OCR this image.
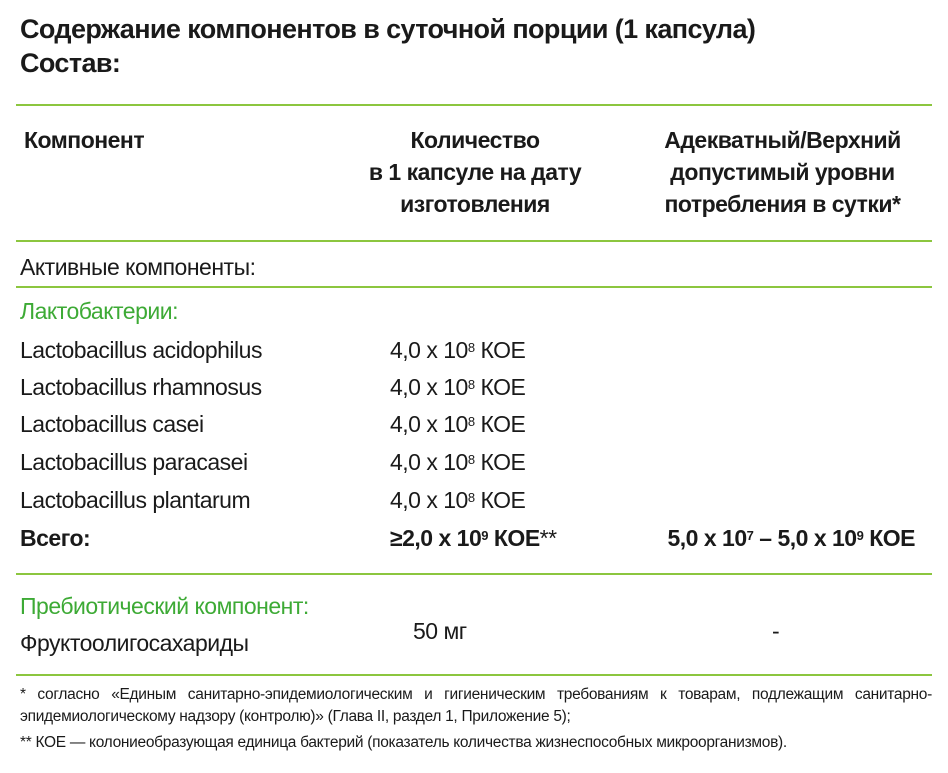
Содержание компонентов в суточной порции (1 капсула)
Состав:
Компонент	Количество
в 1 капсуле на дату
изготовления
Адекватный/Верхний
допустимый уровни
потребления в сутки*
Активные компоненты:
Лактобактерии:
Lactobacillus acidophilus	4,0 x $10^8$ КОЕ
Lactobacillus rhamnosus	4,0 x $10^8$ КОЕ
Lactobacillus casei	4,0 x $10^8$ КОЕ
Lactobacillus paracasei	4,0 x $10^8$ КОЕ
Lactobacillus plantarum	4,0 x $10^8$ КОЕ
Всего:	≥2,0 x $10^9$ КОЕ**	5,0 x $10^7 - 5,0$ x $10^9$ КОЕ
Пребиотический компонент:
Фруктоолигосахариды	50 мг	-
* согласно «Единым санитарно-эпидемиологическим и гигиеническим требованиям к товарам, подлежащим санитарно-эпидемиологическому надзору (контролю)» (Глава II, раздел 1, Приложение 5);
** КОЕ — колониеобразующая единица бактерий (показатель количества жизнеспособных микроорганизмов).
